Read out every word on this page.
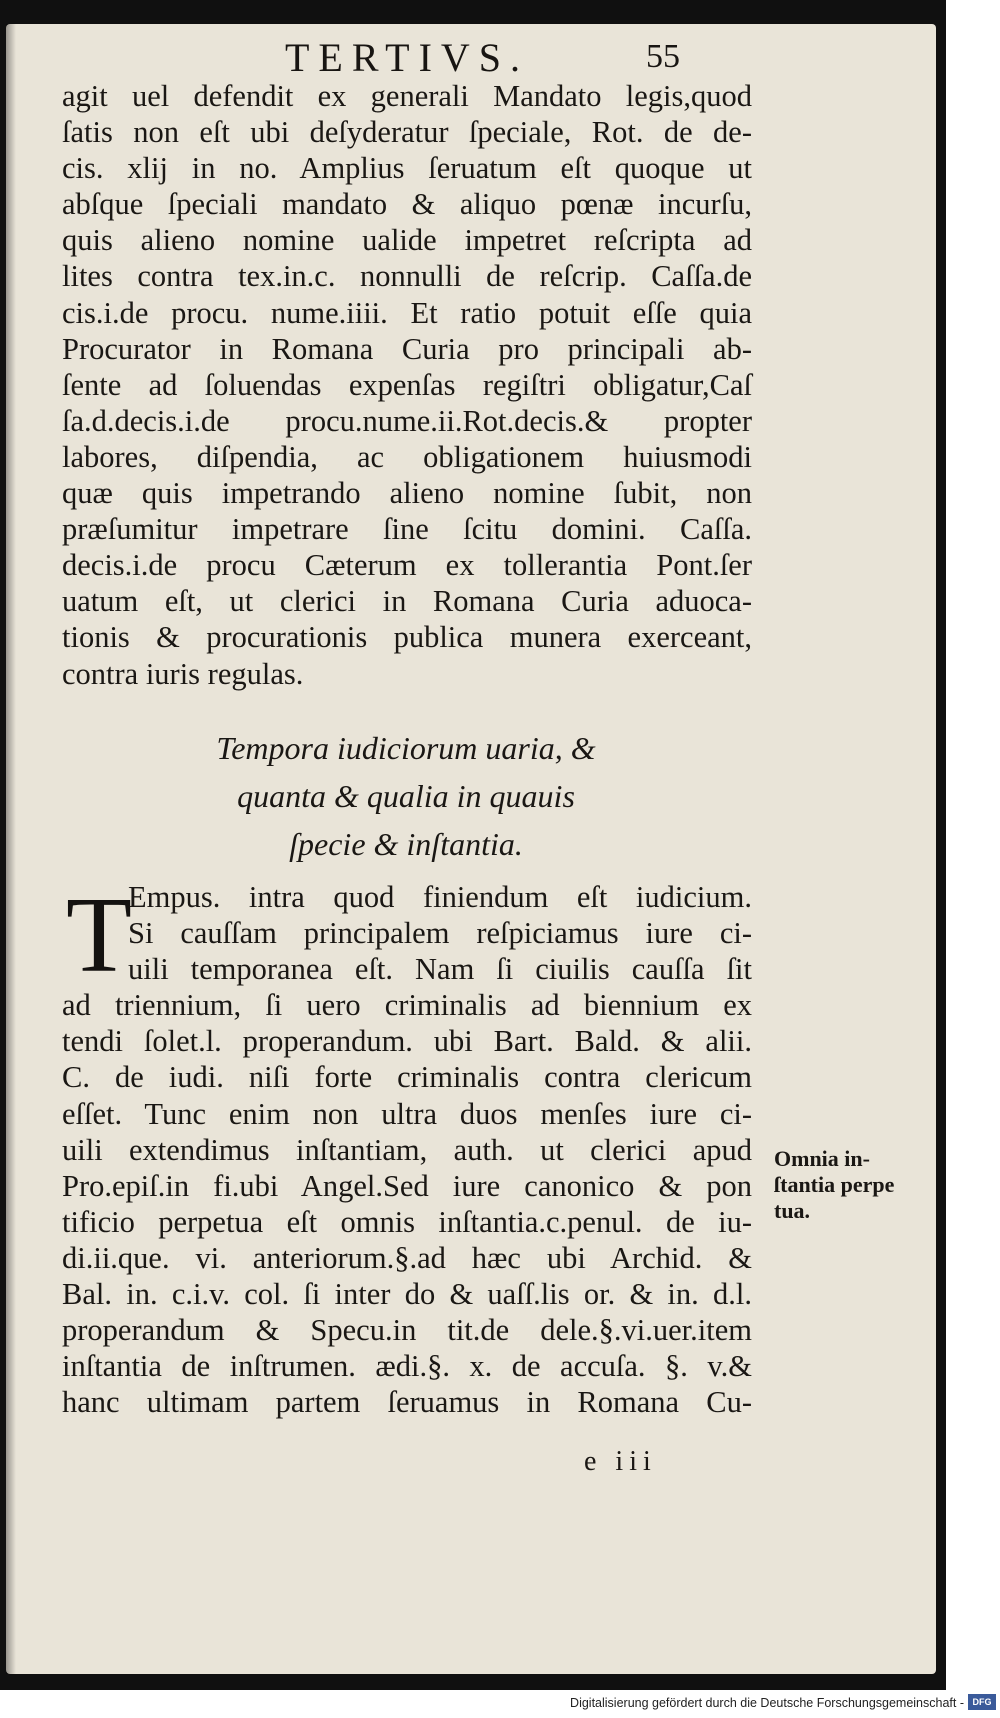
TERTIVS.	55
agit uel defendit ex generali Mandato legis,quod
ſatis non eſt ubi deſyderatur ſpeciale, Rot. de de-
cis. xlij in no. Amplius ſeruatum eſt quoque ut
abſque ſpeciali mandato & aliquo pœnæ incurſu,
quis alieno nomine ualide impetret reſcripta ad
lites contra tex.in.c. nonnulli de reſcrip. Caſſa.de
cis.i.de procu. nume.iiii. Et ratio potuit eſſe quia
Procurator in Romana Curia pro principali ab-
ſente ad ſoluendas expenſas regiſtri obligatur,Caſ
ſa.d.decis.i.de procu.nume.ii.Rot.decis.& propter
labores, diſpendia, ac obligationem huiusmodi
quæ quis impetrando alieno nomine ſubit, non
præſumitur impetrare ſine ſcitu domini. Caſſa.
decis.i.de procu Cæterum ex tollerantia Pont.ſer
uatum eſt, ut clerici in Romana Curia aduoca-
tionis & procurationis publica munera exerceant,
contra iuris regulas.
Tempora iudiciorum uaria, &
quanta & qualia in quauis
ſpecie & inſtantia.
T
Empus. intra quod finiendum eſt iudicium.
Si cauſſam principalem reſpiciamus iure ci-
uili temporanea eſt. Nam ſi ciuilis cauſſa ſit
ad triennium, ſi uero criminalis ad biennium ex
tendi ſolet.l. properandum. ubi Bart. Bald. & alii.
C. de iudi. niſi forte criminalis contra clericum
eſſet. Tunc enim non ultra duos menſes iure ci-
uili extendimus inſtantiam, auth. ut clerici apud
Pro.epiſ.in fi.ubi Angel.Sed iure canonico & pon
tificio perpetua eſt omnis inſtantia.c.penul. de iu-
di.ii.que. vi. anteriorum.§.ad hæc ubi Archid. &
Bal. in. c.i.v. col. ſi inter do & uaſſ.lis or. & in. d.l.
properandum & Specu.in tit.de dele.§.vi.uer.item
inſtantia de inſtrumen. ædi.§. x. de accuſa. §. v.&
hanc ultimam partem ſeruamus in Romana Cu-
Omnia in-
ſtantia perpe
tua.
e iii
Digitalisierung gefördert durch die Deutsche Forschungsgemeinschaft - DFG
